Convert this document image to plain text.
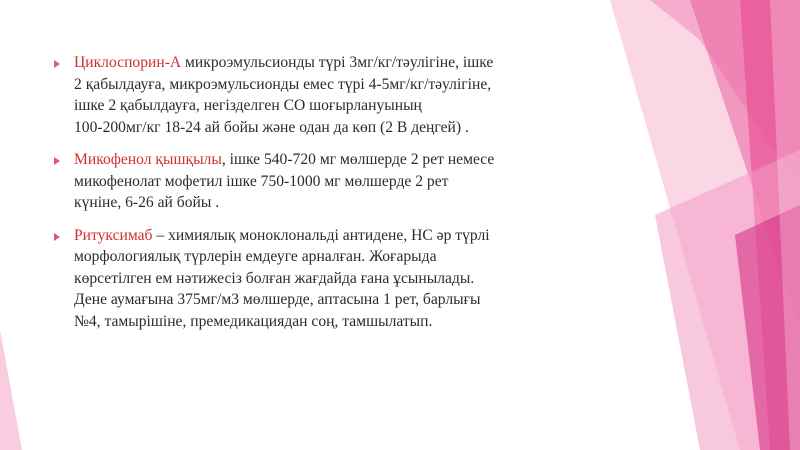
Циклоспорин-А микроэмульсионды түрі 3мг/кг/тәулігіне, ішке
2 қабылдауға, микроэмульсионды емес түрі 4-5мг/кг/тәулігіне,
ішке 2 қабылдауға, негізделген СО шоғырлануының
100-200мг/кг 18-24 ай бойы және одан да көп (2 В деңгей) .
Микофенол қышқылы, ішке 540-720 мг мөлшерде 2 рет немесе
микофенолат мофетил ішке 750-1000 мг мөлшерде 2 рет
күніне, 6-26 ай бойы .
Ритуксимаб – химиялық моноклональді антидене, НС әр түрлі
морфологиялық түрлерін емдеуге арналған. Жоғарыда
көрсетілген ем нәтижесіз болған жағдайда ғана ұсынылады.
Дене аумағына 375мг/м3 мөлшерде, аптасына 1 рет, барлығы
№4, тамырішіне, премедикациядан соң, тамшылатып.
